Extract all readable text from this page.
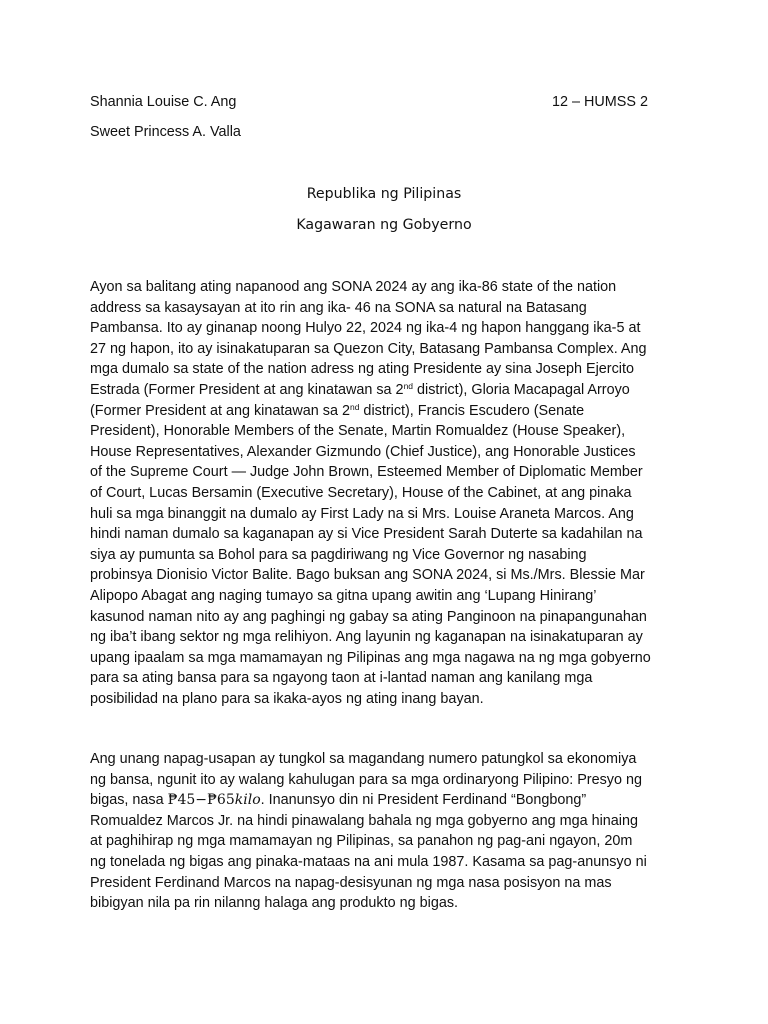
Shannia Louise C. Ang
Sweet Princess A. Valla
12 – HUMSS 2
Republika ng Pilipinas
Kagawaran ng Gobyerno

Ayon sa balitang ating napanood ang SONA 2024 ay ang ika-86 state of the nation
address sa kasaysayan at ito rin ang ika- 46 na SONA sa natural na Batasang
Pambansa. Ito ay ginanap noong Hulyo 22, 2024 ng ika-4 ng hapon hanggang ika-5 at
27 ng hapon, ito ay isinakatuparan sa Quezon City, Batasang Pambansa Complex. Ang
mga dumalo sa state of the nation adress ng ating Presidente ay sina Joseph Ejercito
Estrada (Former President at ang kinatawan sa 2nd district), Gloria Macapagal Arroyo
(Former President at ang kinatawan sa 2nd district), Francis Escudero (Senate
President), Honorable Members of the Senate, Martin Romualdez (House Speaker),
House Representatives, Alexander Gizmundo (Chief Justice), ang Honorable Justices
of the Supreme Court — Judge John Brown, Esteemed Member of Diplomatic Member
of Court, Lucas Bersamin (Executive Secretary), House of the Cabinet, at ang pinaka
huli sa mga binanggit na dumalo ay First Lady na si Mrs. Louise Araneta Marcos. Ang
hindi naman dumalo sa kaganapan ay si Vice President Sarah Duterte sa kadahilan na
siya ay pumunta sa Bohol para sa pagdiriwang ng Vice Governor ng nasabing
probinsya Dionisio Victor Balite. Bago buksan ang SONA 2024, si Ms./Mrs. Blessie Mar
Alipopo Abagat ang naging tumayo sa gitna upang awitin ang ‘Lupang Hinirang’
kasunod naman nito ay ang paghingi ng gabay sa ating Panginoon na pinapangunahan
ng iba’t ibang sektor ng mga relihiyon. Ang layunin ng kaganapan na isinakatuparan ay
upang ipaalam sa mga mamamayan ng Pilipinas ang mga nagawa na ng mga gobyerno
para sa ating bansa para sa ngayong taon at i-lantad naman ang kanilang mga
posibilidad na plano para sa ikaka-ayos ng ating inang bayan.

Ang unang napag-usapan ay tungkol sa magandang numero patungkol sa ekonomiya
ng bansa, ngunit ito ay walang kahulugan para sa mga ordinaryong Pilipino: Presyo ng
bigas, nasa ₱45−₱65kilo. Inanunsyo din ni President Ferdinand “Bongbong”
Romualdez Marcos Jr. na hindi pinawalang bahala ng mga gobyerno ang mga hinaing
at paghihirap ng mga mamamayan ng Pilipinas, sa panahon ng pag-ani ngayon, 20m
ng tonelada ng bigas ang pinaka-mataas na ani mula 1987. Kasama sa pag-anunsyo ni
President Ferdinand Marcos na napag-desisyunan ng mga nasa posisyon na mas
bibigyan nila pa rin nilanng halaga ang produkto ng bigas.
